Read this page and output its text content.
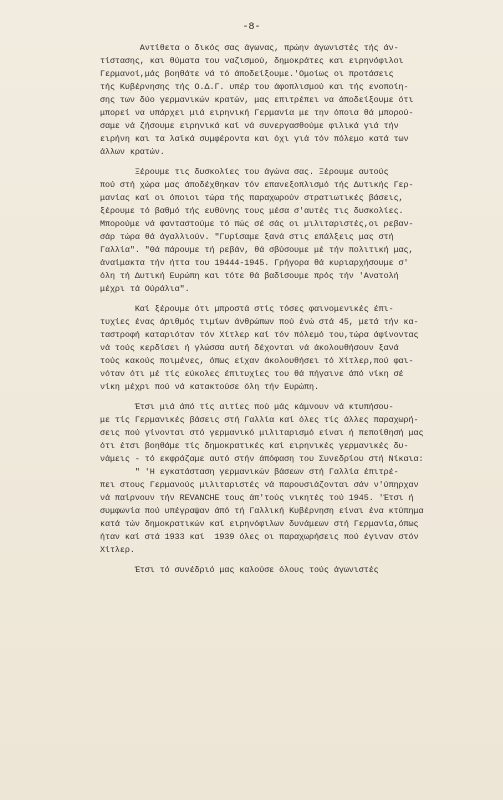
-8-
Αντίθετα ο δικός σας άγωνας, πρώην άγωνιστές τής άν-
τίστασης, και θύματα του ναζισμού, δημοκράτες και ειρηνόφιλοι
Γερμανοί,μάς βοηθάτε νά τό άποδείξουμε.'Ομοίως οι προτάσεις
τής Κυβέρνησης τής Ο.Δ.Γ. υπέρ του άφοπλισμού και τής ενοποίη-
σης των δύο γερμανικών κρατών, μας επιτρέπει να άποδείξουμε ότι
μπορεί να υπάρχει μιά ειρηνική Γερμανία με την όποια θά μπορού-
σαμε νά ζήσουμε ειρηνικά καί νά συνεργασθούμε φιλικά γιά τήν
ειρήνη και τα λαϊκά συμφέροντα και όχι γιά τόν πόλεμο κατά των
άλλων κρατών.
Ξέρουμε τις δυσκολίες του άγώνα σας. Ξέρουμε αυτούς
πού στή χώρα μας άποδέχθηκαν τόν επανεξοπλισμό τής Δυτικής Γερ-
μανίας καί οι όποιοι τώρα τής παραχωρούν στρατιωτικές βάσεις,
ξέρουμε τό βαθμό τής ευθύνης τους μέσα σ'αυτές τις δυσκολίες.
Μπορούμε νά φανταστούμε τό πώς σέ σάς οι μιλιταριστές,οι ρεβαν-
σάρ τώρα θά άγαλλιούν. "Γυρίσαμε ξανά στις επάλξεις μας στή
Γαλλία". "Θά πάρουμε τή ρεβάν, θά σβύσουμε μέ τήν πολιτική μας,
άναίμακτα τήν ήττα του 19444-1945. Γρήγορα θά κυριαρχήσουμε σ'
όλη τή Δυτική Ευρώπη και τότε θά βαδίσουμε πρός τήν 'Ανατολή
μέχρι τά Ούράλια".
Καί ξέρουμε ότι μπροστά στίς τόσες φαινομενικές έπι-
τυχίες ένας άριθμός τιμίων άνθρώπων πού ένώ στά 45, μετά τήν κα-
ταστροφή καταριόταν τόν Χίτλερ καί τόν πόλεμό του,τώρα άφίνοντας
νά τούς κερδίσει ή γλώσσα αυτή δέχονται νά άκολουθήσουν ξανά
τούς κακούς ποιμένες, όπως είχαν άκολουθήσει τό Χίτλερ,πού φαι-
νόταν ότι μέ τίς εύκολες έπιτυχίες του θά πήγαινε άπό νίκη σέ
νίκη μέχρι πού νά κατακτούσε όλη τήν Ευρώπη.
Έτσι μιά άπό τίς αιτίες πού μάς κάμνουν νά κτυπήσου-
με τίς Γερμανικές βάσεις στή Γαλλία καί όλες τίς άλλες παραχωρή-
σεις πού γίνονται στό γερμανικό μιλιταρισμό είναι ή πεποίθησή μας
ότι έτσι βοηθάμε τίς δημοκρατικές καί ειρηνικές γερμανικές δυ-
νάμεις - τό εκφράζαμε αυτό στήν άπόφαση του Συνεδρίου στή Νίκαια:
" 'Η εγκατάσταση γερμανικών βάσεων στή Γαλλία έπιτρέ-
πει στους Γερμανούς μιλιταριστές νά παρουσιάζονται σάν ν'ύπηρχαν
νά παίρνουν τήν REVANCHE τους άπ'τούς νικητές τού 1945. 'Έτσι ή
συμφωνία πού υπέγραψαν άπό τή Γαλλική Κυβέρνηση είναι ένα κτύπημα
κατά τών δημοκρατικών καί ειρηνόφιλων δυνάμεων στή Γερμανία,όπως
ήταν καί στά 1933 καί  1939 όλες οι παραχωρήσεις πού έγιναν στόν
Χίτλερ.
Έτσι τό συνέδριό μας καλούσε όλους τούς άγωνιστές
